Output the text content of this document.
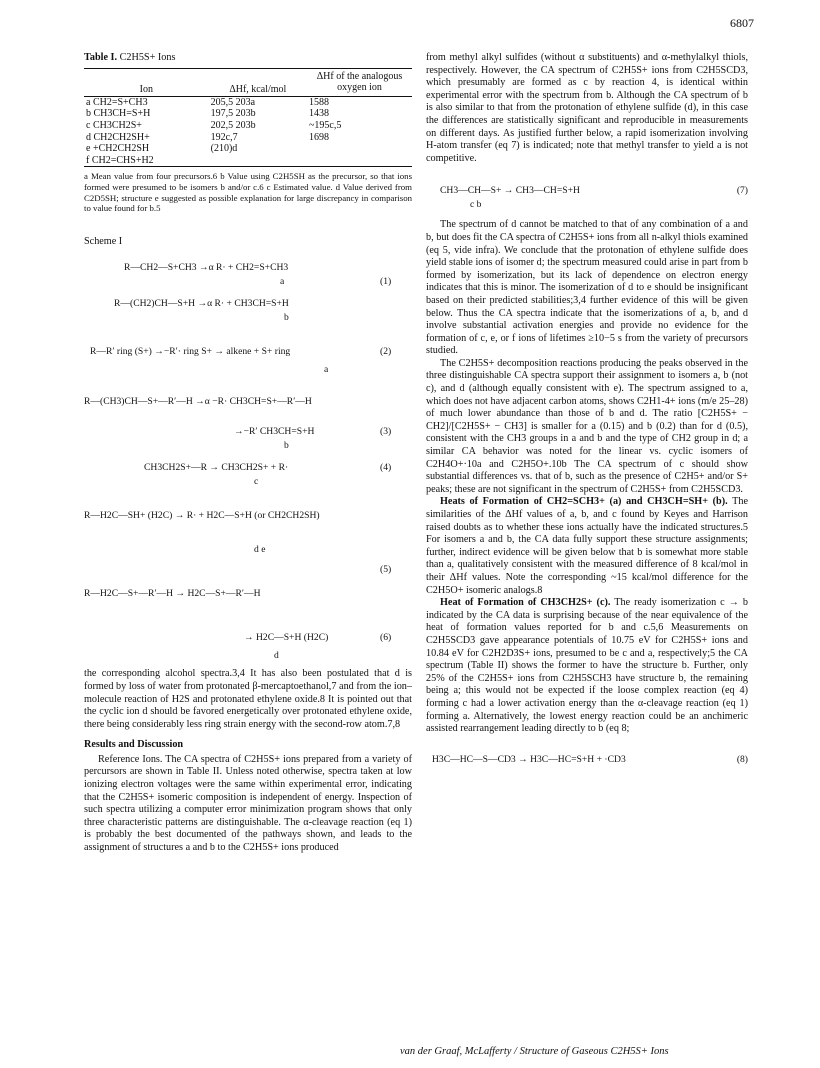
6807
Table I. C2H5S+ Ions
Ion	ΔHf, kcal/mol	ΔHf of the analogous oxygen ion

a CH2=S+CH3	205,5 203a	1588
b CH3CH=S+H	197,5 203b	1438
c CH3CH2S+	202,5 203b	~195c,5
d CH2CH2SH+	192c,7	1698
e +CH2CH2SH	(210)d	
f CH2=CHS+H2		

a Mean value from four precursors.6 b Value using C2H5SH as the precursor, so that ions formed were presumed to be isomers b and/or c.6 c Estimated value. d Value derived from C2D5SH; structure e suggested as possible explanation for large discrepancy in comparison to value found for b.5
Scheme I
R—CH2—S+CH3 →α R· + CH2=S+CH3
a	(1)
R—(CH2)CH—S+H →α R· + CH3CH=S+H
b
R—R′ ring (S+) →−R′· ring S+ → alkene + S+ ring
a
(2)
R—(CH3)CH—S+—R′—H →α −R· CH3CH=S+—R′—H
→−R′ CH3CH=S+H
b
(3)
CH3CH2S+—R → CH3CH2S+ + R·
c
(4)
R—H2C—SH+ (H2C) → R· + H2C—S+H (or CH2CH2SH)
d e
(5)
R—H2C—S+—R′—H → H2C—S+—R′—H
→ H2C—S+H (H2C)
d
(6)

the corresponding alcohol spectra.3,4 It has also been postulated that d is formed by loss of water from protonated β-mercaptoethanol,7 and from the ion–molecule reaction of H2S and protonated ethylene oxide.8 It is pointed out that the cyclic ion d should be favored energetically over protonated ethylene oxide, there being considerably less ring strain energy with the second-row atom.7,8

Results and Discussion

Reference Ions. The CA spectra of C2H5S+ ions prepared from a variety of percursors are shown in Table II. Unless noted otherwise, spectra taken at low ionizing electron voltages were the same within experimental error, indicating that the C2H5S+ isomeric composition is independent of energy. Inspection of such spectra utilizing a computer error minimization program shows that only three characteristic patterns are distinguishable. The α-cleavage reaction (eq 1) is probably the best documented of the pathways shown, and leads to the assignment of structures a and b to the C2H5S+ ions produced

from methyl alkyl sulfides (without α substituents) and α-methylalkyl thiols, respectively. However, the CA spectrum of C2H5S+ ions from C2H5SCD3, which presumably are formed as c by reaction 4, is identical within experimental error with the spectrum from b. Although the CA spectrum of b is also similar to that from the protonation of ethylene sulfide (d), in this case the differences are statistically significant and reproducible in measurements on different days. As justified further below, a rapid isomerization involving H-atom transfer (eq 7) is indicated; note that methyl transfer to yield a is not competitive.

CH3—CH—S+ → CH3—CH=S+H
c b
(7)

The spectrum of d cannot be matched to that of any combination of a and b, but does fit the CA spectra of C2H5S+ ions from all n-alkyl thiols examined (eq 5, vide infra). We conclude that the protonation of ethylene sulfide does yield stable ions of isomer d; the spectrum measured could arise in part from b formed by isomerization, but its lack of dependence on electron energy indicates that this is minor. The isomerization of d to e should be insignificant based on their predicted stabilities;3,4 further evidence of this will be given below. Thus the CA spectra indicate that the isomerizations of a, b, and d involve substantial activation energies and provide no evidence for the formation of c, e, or f ions of lifetimes ≥10−5 s from the variety of precursors studied.

The C2H5S+ decomposition reactions producing the peaks observed in the three distinguishable CA spectra support their assignment to isomers a, b (not c), and d (although equally consistent with e). The spectrum assigned to a, which does not have adjacent carbon atoms, shows C2H1-4+ ions (m/e 25–28) of much lower abundance than those of b and d. The ratio [C2H5S+ − CH2]/[C2H5S+ − CH3] is smaller for a (0.15) and b (0.2) than for d (0.5), consistent with the CH3 groups in a and b and the type of CH2 group in d; a similar CA behavior was noted for the linear vs. cyclic isomers of C2H4O+·10a and C2H5O+.10b The CA spectrum of c should show substantial differences vs. that of b, such as the presence of C2H5+ and/or S+ peaks; these are not significant in the spectrum of C2H5S+ from C2H5SCD3.

Heats of Formation of CH2=SCH3+ (a) and CH3CH=SH+ (b). The similarities of the ΔHf values of a, b, and c found by Keyes and Harrison raised doubts as to whether these ions actually have the indicated structures.5 For isomers a and b, the CA data fully support these structure assignments; further, indirect evidence will be given below that b is somewhat more stable than a, qualitatively consistent with the measured difference of 8 kcal/mol in their ΔHf values. Note the corresponding ~15 kcal/mol difference for the C2H5O+ isomeric analogs.8

Heat of Formation of CH3CH2S+ (c). The ready isomerization c → b indicated by the CA data is surprising because of the near equivalence of the heat of formation values reported for b and c.5,6 Measurements on C2H5SCD3 gave appearance potentials of 10.75 eV for C2H5S+ ions and 10.84 eV for C2H2D3S+ ions, presumed to be c and a, respectively;5 the CA spectrum (Table II) shows the former to have the structure b. Further, only 25% of the C2H5S+ ions from C2H5SCH3 have structure b, the remaining being a; this would not be expected if the loose complex reaction (eq 4) forming c had a lower activation energy than the α-cleavage reaction (eq 1) forming a. Alternatively, the lowest energy reaction could be an anchimeric assisted rearrangement leading directly to b (eq 8;

H3C—HC—S—CD3 → H3C—HC=S+H + ·CD3	(8)
van der Graaf, McLafferty / Structure of Gaseous C2H5S+ Ions
